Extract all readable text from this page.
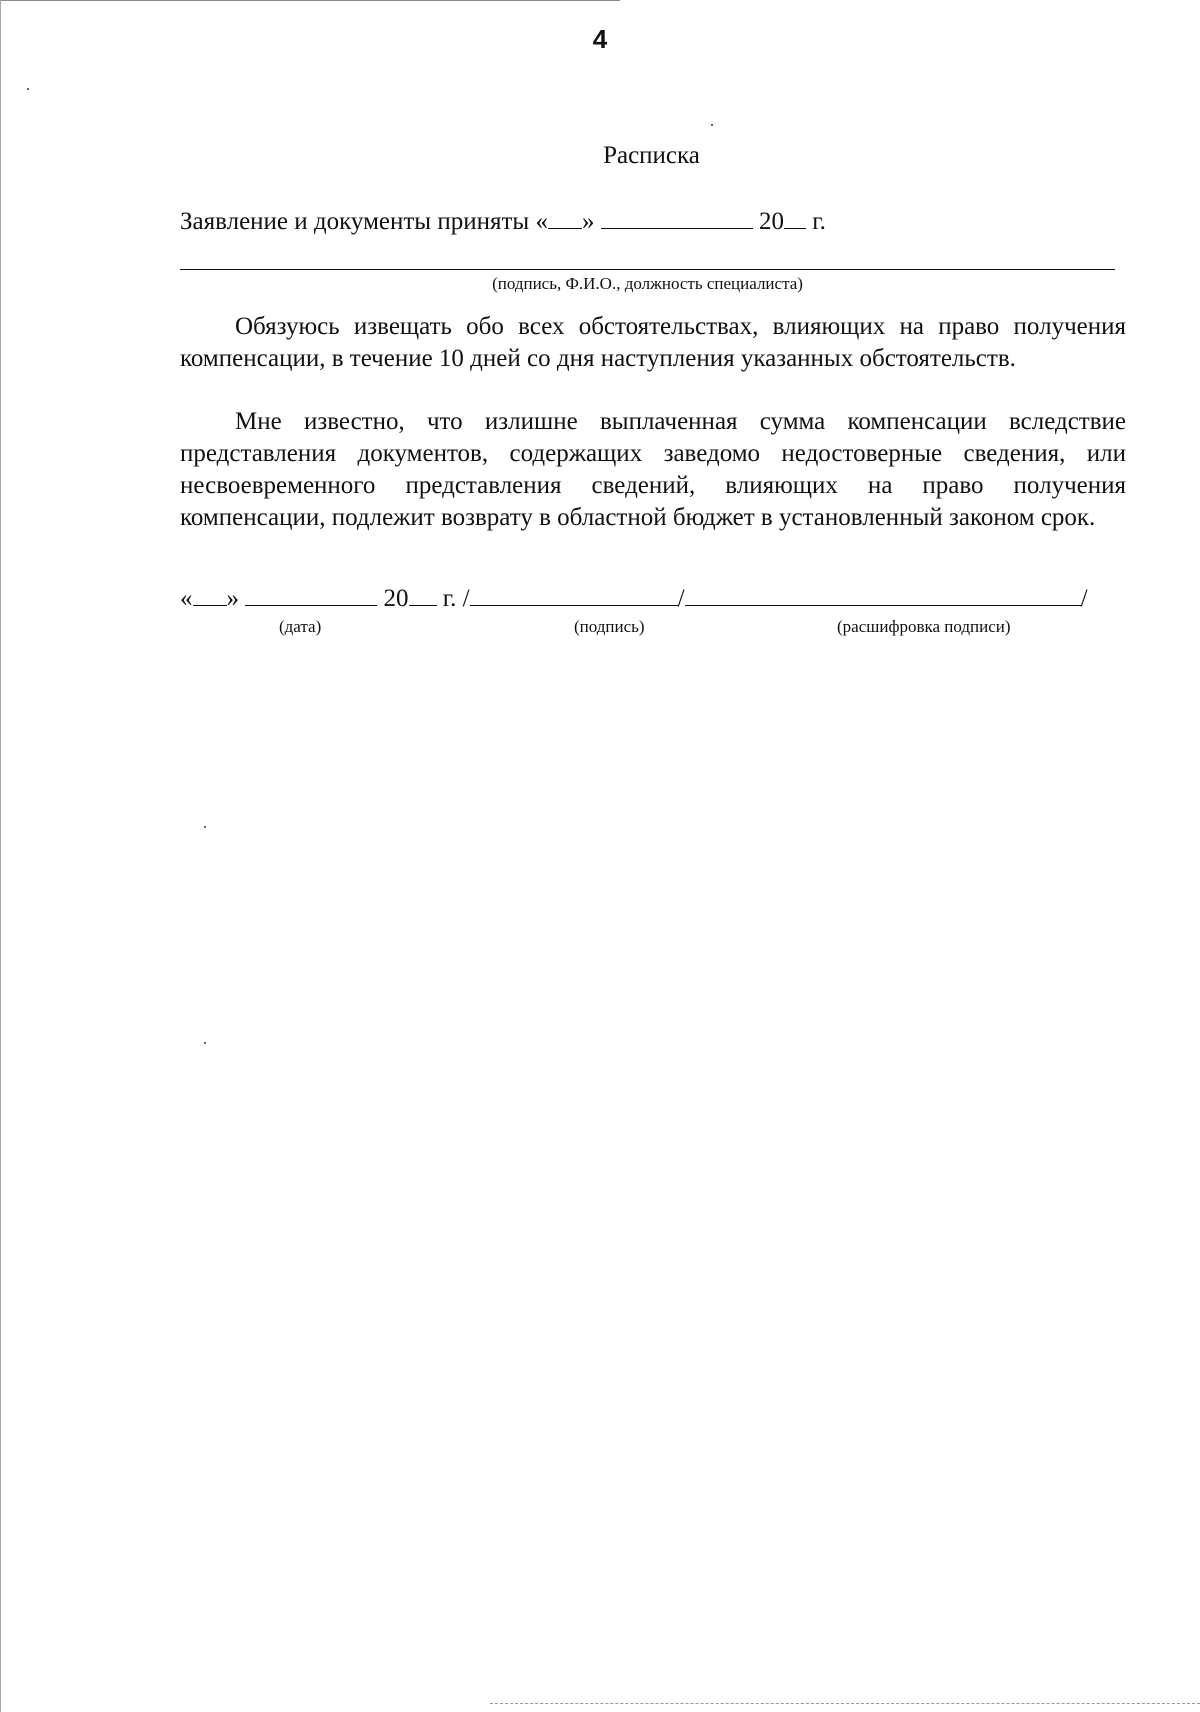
4
Расписка
Заявление и документы приняты « »	20 г.
(подпись, Ф.И.О., должность специалиста)

Обязуюсь извещать обо всех обстоятельствах, влияющих на право получения компенсации, в течение 10 дней со дня наступления указанных обстоятельств.

Мне известно, что излишне выплаченная сумма компенсации вследствие представления документов, содержащих заведомо недостоверные сведения, или несвоевременного представления сведений, влияющих на право получения компенсации, подлежит возврату в областной бюджет в установленный законом срок.

« »	20 г. /	/	/
(дата)	(подпись)	(расшифровка подписи)
